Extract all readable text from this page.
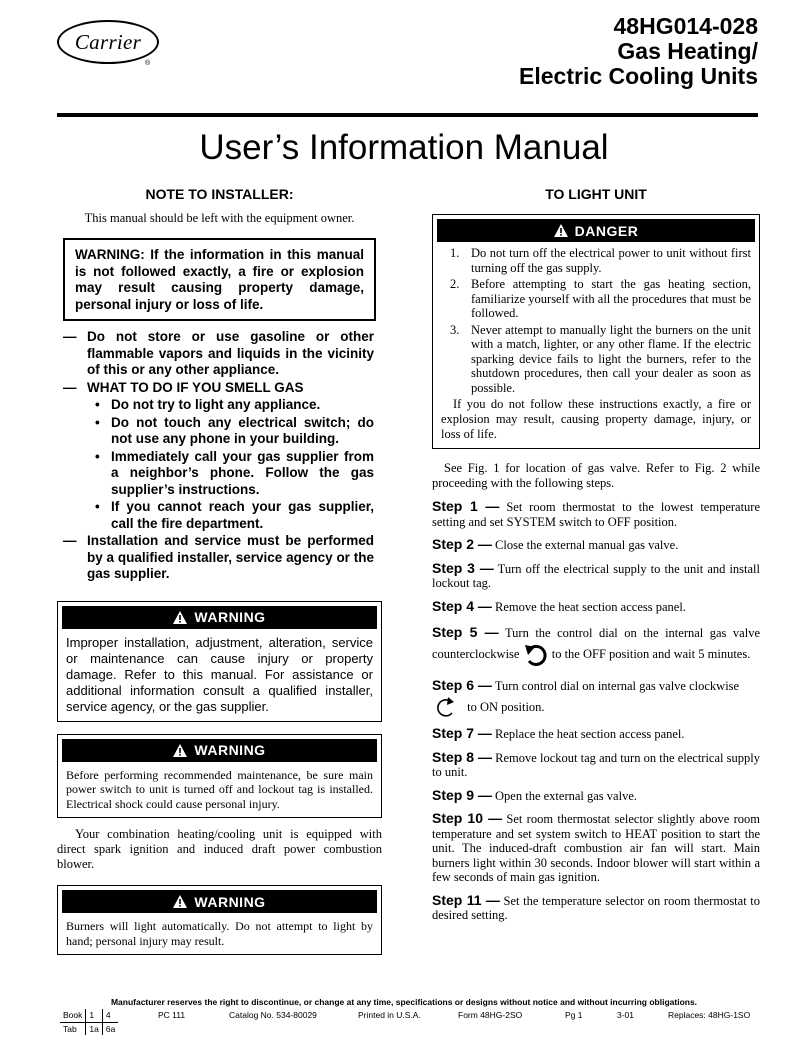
Carrier
®
48HG014-028
Gas Heating/
Electric Cooling Units
User’s Information Manual
NOTE TO INSTALLER:
This manual should be left with the equipment owner.
WARNING: If the information in this manual is not followed exactly, a fire or explosion may result causing property damage, personal injury or loss of life.
— Do not store or use gasoline or other flammable vapors and liquids in the vicinity of this or any other appliance.
— WHAT TO DO IF YOU SMELL GAS
• Do not try to light any appliance.
• Do not touch any electrical switch; do not use any phone in your building.
• Immediately call your gas supplier from a neighbor’s phone. Follow the gas supplier’s instructions.
• If you cannot reach your gas supplier, call the fire department.
— Installation and service must be performed by a qualified installer, service agency or the gas supplier.
WARNING
Improper installation, adjustment, alteration, service or maintenance can cause injury or property damage. Refer to this manual. For assistance or additional information consult a qualified installer, service agency, or the gas supplier.
WARNING
Before performing recommended maintenance, be sure main power switch to unit is turned off and lockout tag is installed. Electrical shock could cause personal injury.
Your combination heating/cooling unit is equipped with direct spark ignition and induced draft power combustion blower.
WARNING
Burners will light automatically. Do not attempt to light by hand; personal injury may result.
TO LIGHT UNIT
DANGER
1. Do not turn off the electrical power to unit without first turning off the gas supply.
2. Before attempting to start the gas heating section, familiarize yourself with all the procedures that must be followed.
3. Never attempt to manually light the burners on the unit with a match, lighter, or any other flame. If the electric sparking device fails to light the burners, refer to the shutdown procedures, then call your dealer as soon as possible.
If you do not follow these instructions exactly, a fire or explosion may result, causing property damage, injury, or loss of life.
See Fig. 1 for location of gas valve. Refer to Fig. 2 while proceeding with the following steps.
Step 1 — Set room thermostat to the lowest temperature setting and set SYSTEM switch to OFF position.
Step 2 — Close the external manual gas valve.
Step 3 — Turn off the electrical supply to the unit and install lockout tag.
Step 4 — Remove the heat section access panel.
Step 5 — Turn the control dial on the internal gas valve counterclockwise	to the OFF position and wait 5 minutes.
Step 6 — Turn control dial on internal gas valve clockwise
to ON position.
Step 7 — Replace the heat section access panel.
Step 8 — Remove lockout tag and turn on the electrical supply to unit.
Step 9 — Open the external gas valve.
Step 10 — Set room thermostat selector slightly above room temperature and set system switch to HEAT position to start the unit. The induced-draft combustion air fan will start. Main burners light within 30 seconds. Indoor blower will start within a few seconds of main gas ignition.
Step 11 — Set the temperature selector on room thermostat to desired setting.
Manufacturer reserves the right to discontinue, or change at any time, specifications or designs without notice and without incurring obligations.
Book	1	4
Tab	1a	6a
PC 111	Catalog No. 534-80029	Printed in U.S.A.	Form 48HG-2SO	Pg 1	3-01	Replaces: 48HG-1SO
